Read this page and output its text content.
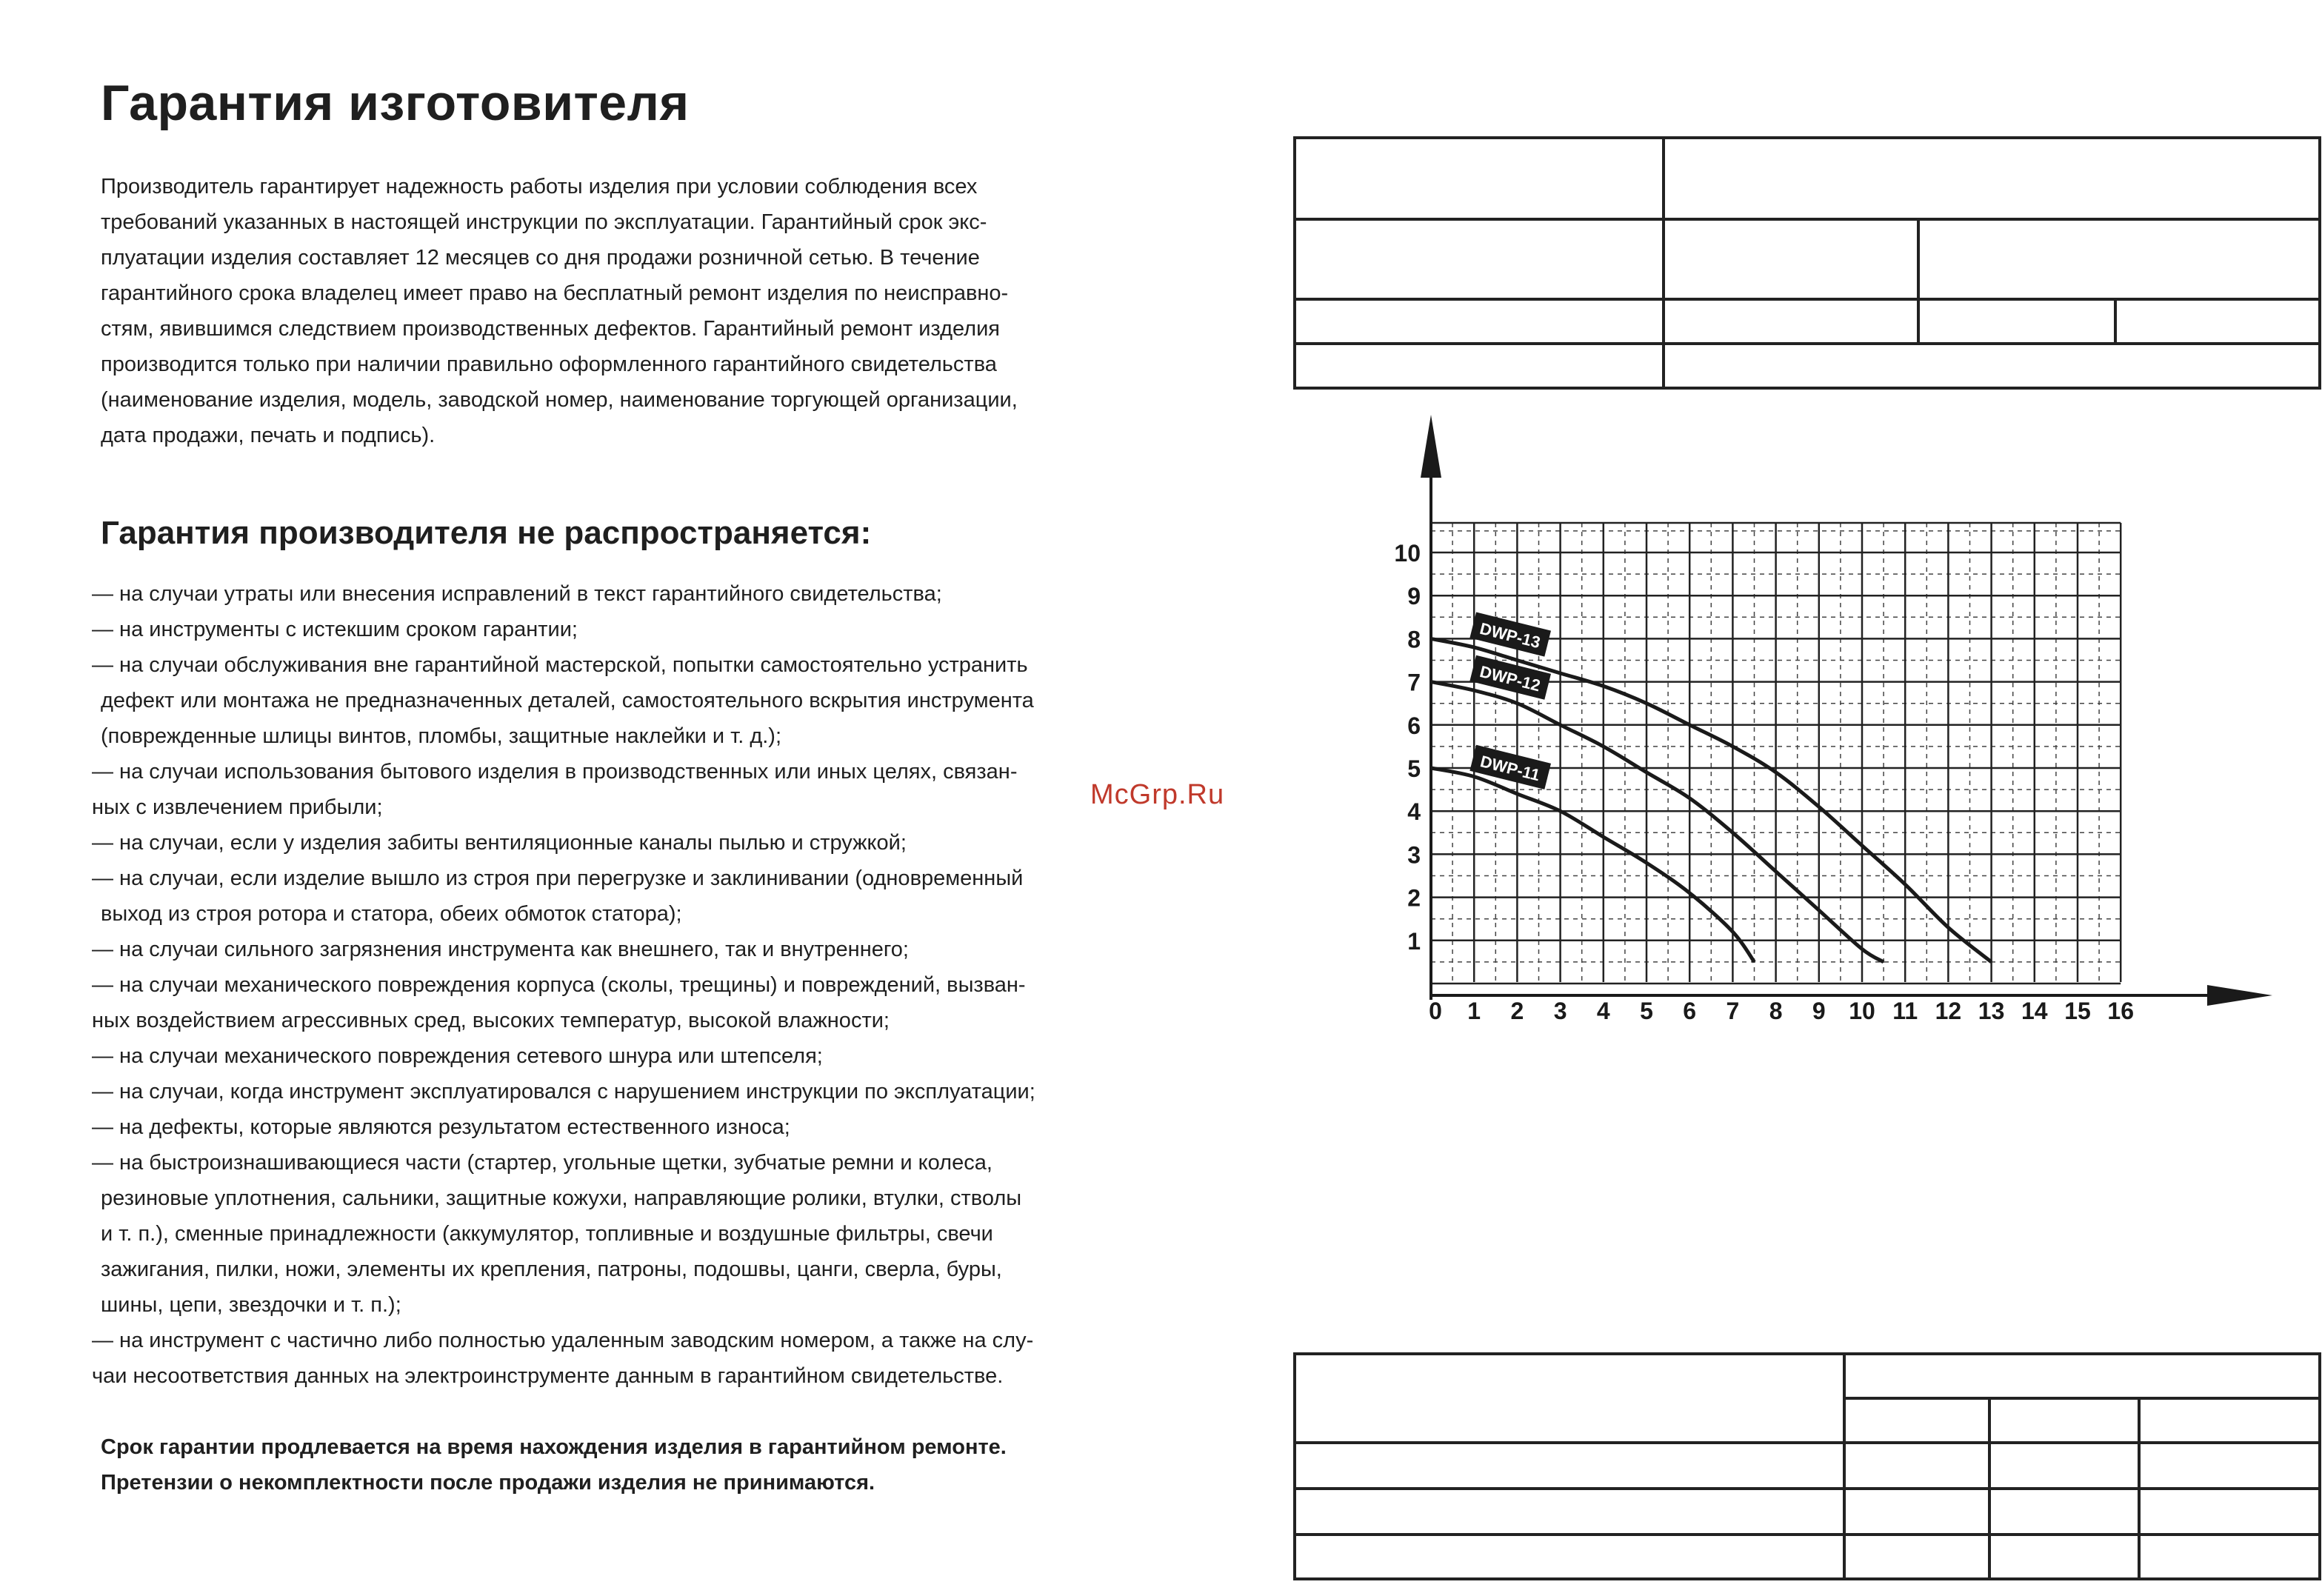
Гарантия изготовителя
Производитель гарантирует надежность работы изделия при условии соблюдения всех
требований указанных в настоящей инструкции по эксплуатации. Гарантийный срок экс-
плуатации изделия составляет 12 месяцев со дня продажи розничной сетью. В течение
гарантийного срока владелец имеет право на бесплатный ремонт изделия по неисправно-
стям, явившимся следствием производственных дефектов. Гарантийный ремонт изделия
производится только при наличии правильно оформленного гарантийного свидетельства
(наименование изделия, модель, заводской номер, наименование торгующей организации,
дата продажи, печать и подпись).
Гарантия производителя не распространяется:
— на случаи утраты или внесения исправлений в текст гарантийного свидетельства;
— на инструменты с истекшим сроком гарантии;
— на случаи обслуживания вне гарантийной мастерской, попытки самостоятельно устранить
дефект или монтажа не предназначенных деталей, самостоятельного вскрытия инструмента
(поврежденные шлицы винтов, пломбы, защитные наклейки и т. д.);
— на случаи использования бытового изделия в производственных или иных целях, связан-
ных с извлечением прибыли;
— на случаи, если у изделия забиты вентиляционные каналы пылью и стружкой;
— на случаи, если изделие вышло из строя при перегрузке и заклинивании (одновременный
выход из строя ротора и статора, обеих обмоток статора);
— на случаи сильного загрязнения инструмента как внешнего, так и внутреннего;
— на случаи механического повреждения корпуса (сколы, трещины) и повреждений, вызван-
ных воздействием агрессивных сред, высоких температур, высокой влажности;
— на случаи механического повреждения сетевого шнура или штепселя;
— на случаи, когда инструмент эксплуатировался с нарушением инструкции по эксплуатации;
— на дефекты, которые являются результатом естественного износа;
— на быстроизнашивающиеся части (стартер, угольные щетки, зубчатые ремни и колеса,
резиновые уплотнения, сальники, защитные кожухи, направляющие ролики, втулки, стволы
и т. п.), сменные принадлежности (аккумулятор, топливные и воздушные фильтры, свечи
зажигания, пилки, ножи, элементы их крепления, патроны, подошвы, цанги, сверла, буры,
шины, цепи, звездочки и т. п.);
— на инструмент с частично либо полностью удаленным заводским номером, а также на слу-
чаи несоответствия данных на электроинструменте данным в гарантийном свидетельстве.
Срок гарантии продлевается на время нахождения изделия в гарантийном ремонте.
Претензии о некомплектности после продажи изделия не принимаются.
McGrp.Ru
0 1 2 3 4 5 6 7 8 9 10 11 12 13 14 15 16
1
2
3
4
5
6
7
8
9
10
DWP-13
DWP-12
DWP-11
